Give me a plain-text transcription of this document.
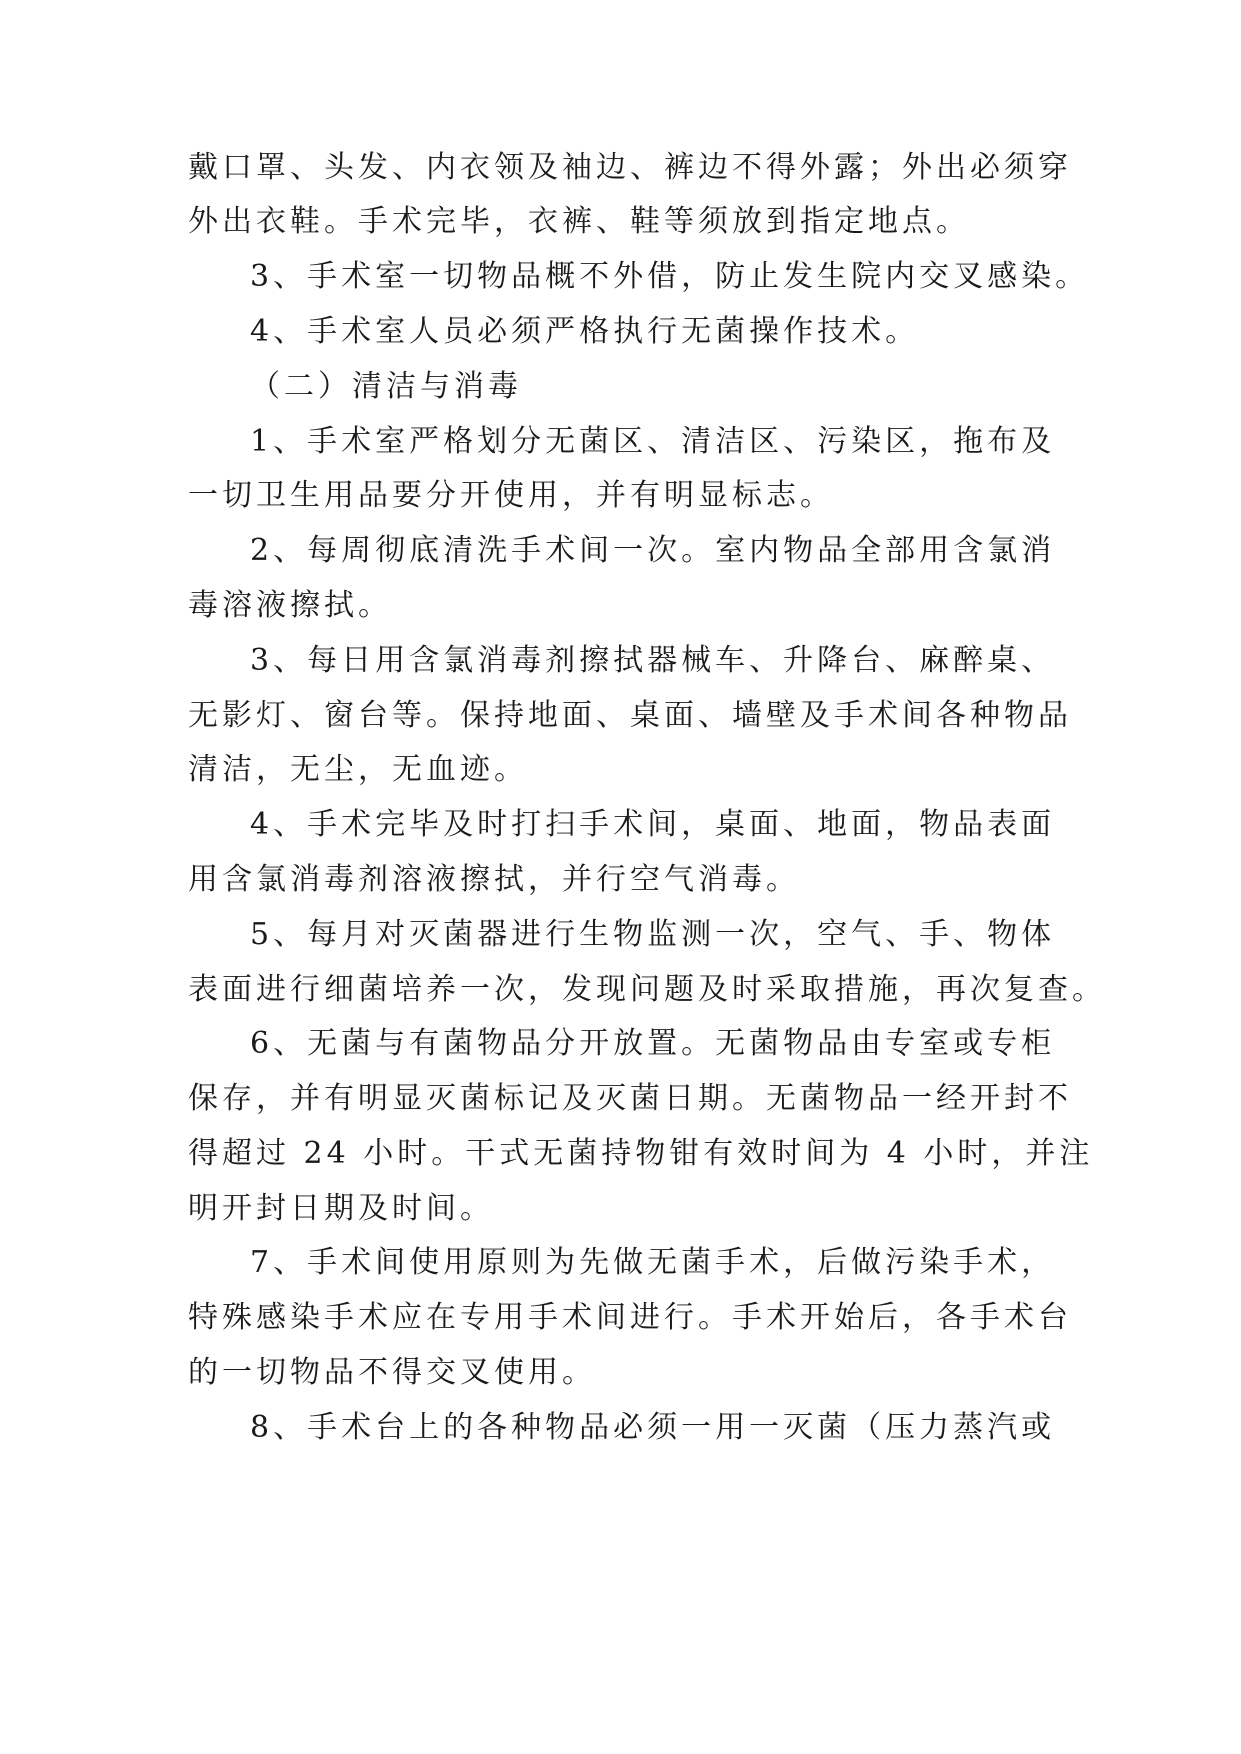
戴口罩、头发、内衣领及袖边、裤边不得外露；外出必须穿
外出衣鞋。手术完毕，衣裤、鞋等须放到指定地点。
3、手术室一切物品概不外借，防止发生院内交叉感染。
4、手术室人员必须严格执行无菌操作技术。
（二）清洁与消毒
1、手术室严格划分无菌区、清洁区、污染区，拖布及
一切卫生用品要分开使用，并有明显标志。
2、每周彻底清洗手术间一次。室内物品全部用含氯消
毒溶液擦拭。
3、每日用含氯消毒剂擦拭器械车、升降台、麻醉桌、
无影灯、窗台等。保持地面、桌面、墙壁及手术间各种物品
清洁，无尘，无血迹。
4、手术完毕及时打扫手术间，桌面、地面，物品表面
用含氯消毒剂溶液擦拭，并行空气消毒。
5、每月对灭菌器进行生物监测一次，空气、手、物体
表面进行细菌培养一次，发现问题及时采取措施，再次复查。
6、无菌与有菌物品分开放置。无菌物品由专室或专柜
保存，并有明显灭菌标记及灭菌日期。无菌物品一经开封不
得超过 24 小时。干式无菌持物钳有效时间为 4 小时，并注
明开封日期及时间。
7、手术间使用原则为先做无菌手术，后做污染手术，
特殊感染手术应在专用手术间进行。手术开始后，各手术台
的一切物品不得交叉使用。
8、手术台上的各种物品必须一用一灭菌（压力蒸汽或
